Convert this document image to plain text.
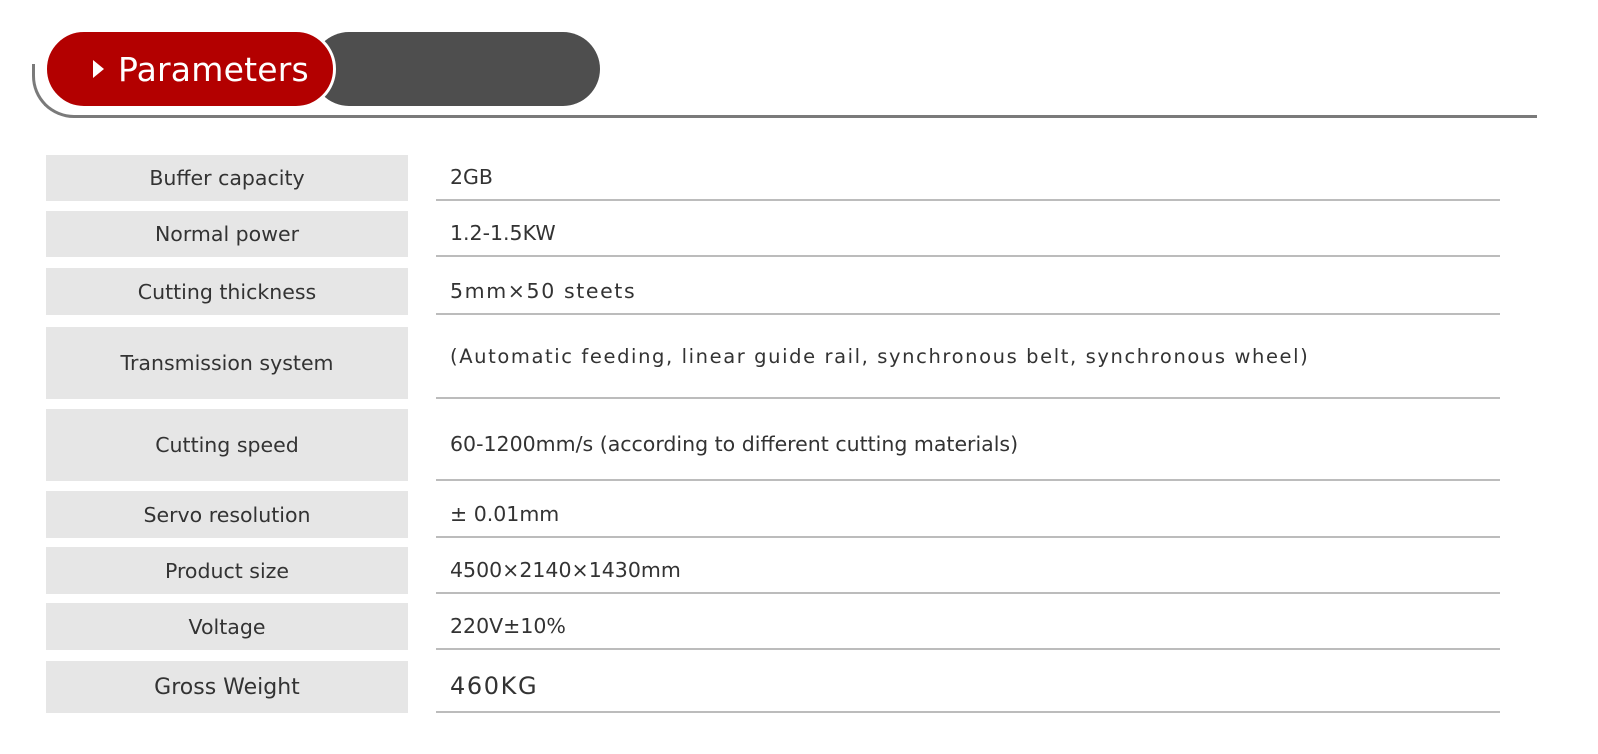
Parameters
Buffer capacity	2GB
Normal power	1.2-1.5KW
Cutting thickness	5mm×50 steets
Transmission system	(Automatic feeding, linear guide rail, synchronous belt, synchronous wheel)
Cutting speed	60-1200mm/s (according to different cutting materials)
Servo resolution	± 0.01mm
Product size	4500×2140×1430mm
Voltage	220V±10%
Gross Weight	460KG
